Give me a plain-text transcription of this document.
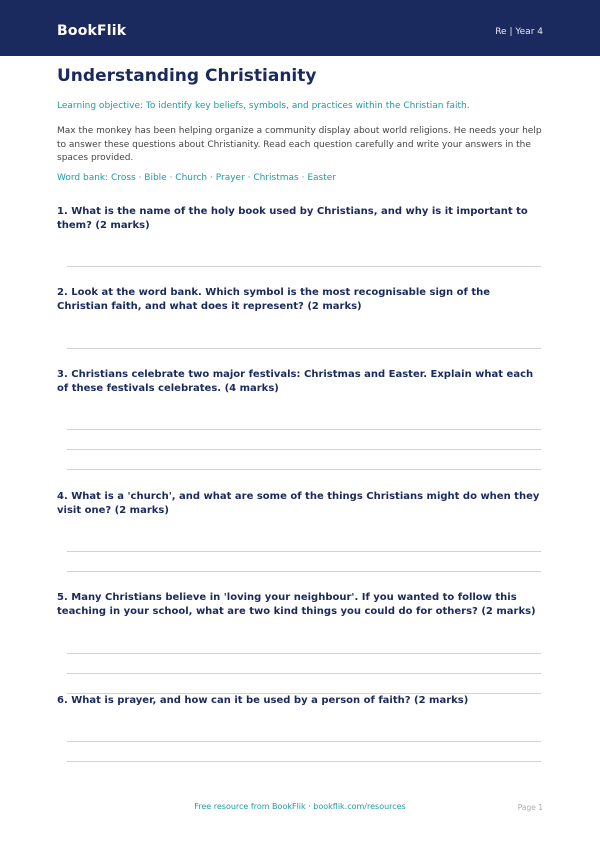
BookFlik	Re | Year 4
Understanding Christianity
Learning objective: To identify key beliefs, symbols, and practices within the Christian faith.
Max the monkey has been helping organize a community display about world religions. He needs your help to answer these questions about Christianity. Read each question carefully and write your answers in the spaces provided.
Word bank: Cross · Bible · Church · Prayer · Christmas · Easter
1. What is the name of the holy book used by Christians, and why is it important to them? (2 marks)
2. Look at the word bank. Which symbol is the most recognisable sign of the Christian faith, and what does it represent? (2 marks)
3. Christians celebrate two major festivals: Christmas and Easter. Explain what each of these festivals celebrates. (4 marks)
4. What is a 'church', and what are some of the things Christians might do when they visit one? (2 marks)
5. Many Christians believe in 'loving your neighbour'. If you wanted to follow this teaching in your school, what are two kind things you could do for others? (2 marks)
6. What is prayer, and how can it be used by a person of faith? (2 marks)
Free resource from BookFlik · bookflik.com/resources	Page 1
